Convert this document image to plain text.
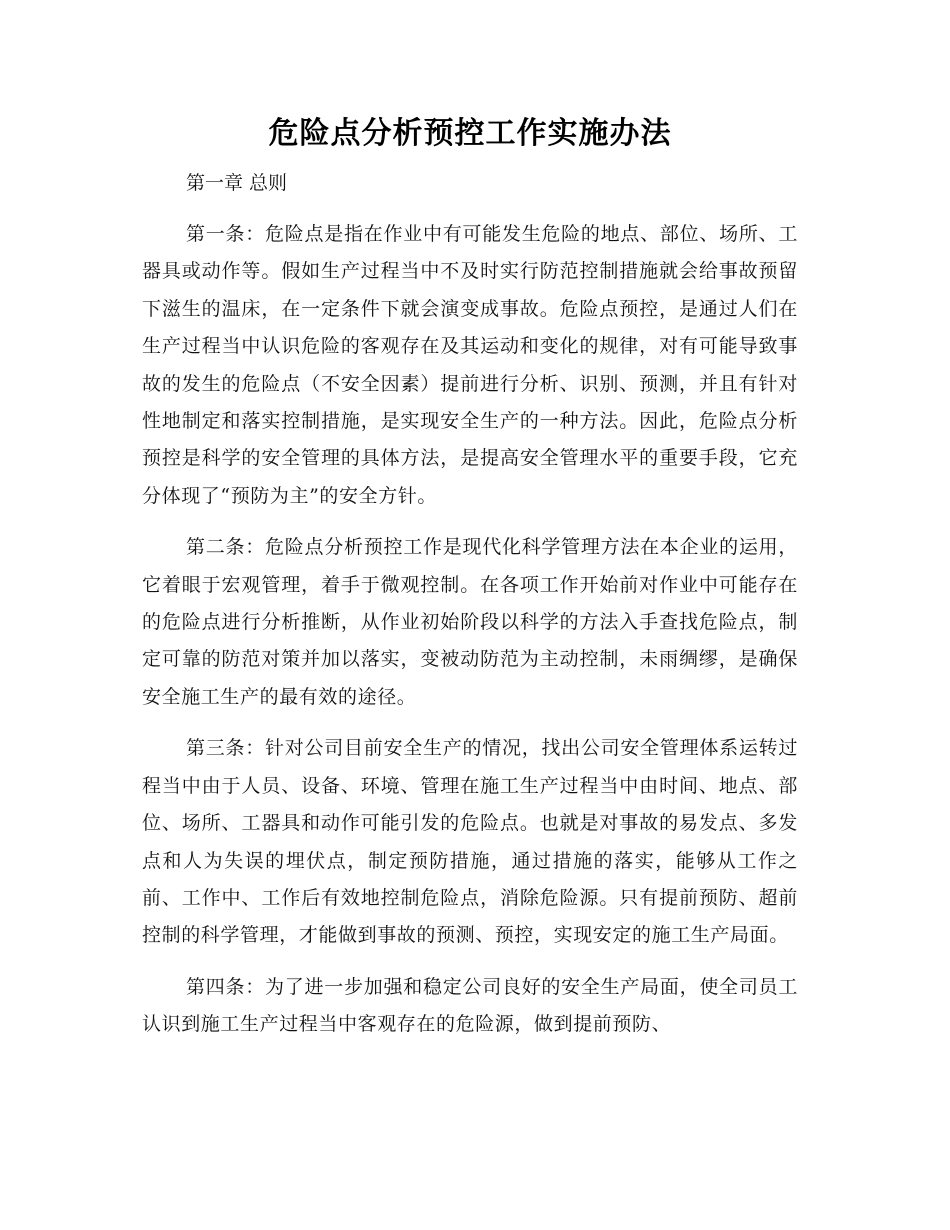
危险点分析预控工作实施办法

第一章 总则

第一条：危险点是指在作业中有可能发生危险的地点、部位、场所、工器具或动作等。假如生产过程当中不及时实行防范控制措施就会给事故预留下滋生的温床，在一定条件下就会演变成事故。危险点预控，是通过人们在生产过程当中认识危险的客观存在及其运动和变化的规律，对有可能导致事故的发生的危险点（不安全因素）提前进行分析、识别、预测，并且有针对性地制定和落实控制措施，是实现安全生产的一种方法。因此，危险点分析预控是科学的安全管理的具体方法，是提高安全管理水平的重要手段，它充分体现了“预防为主”的安全方针。

第二条：危险点分析预控工作是现代化科学管理方法在本企业的运用，它着眼于宏观管理，着手于微观控制。在各项工作开始前对作业中可能存在的危险点进行分析推断，从作业初始阶段以科学的方法入手查找危险点，制定可靠的防范对策并加以落实，变被动防范为主动控制，未雨绸缪，是确保安全施工生产的最有效的途径。

第三条：针对公司目前安全生产的情况，找出公司安全管理体系运转过程当中由于人员、设备、环境、管理在施工生产过程当中由时间、地点、部位、场所、工器具和动作可能引发的危险点。也就是对事故的易发点、多发点和人为失误的埋伏点，制定预防措施，通过措施的落实，能够从工作之前、工作中、工作后有效地控制危险点，消除危险源。只有提前预防、超前控制的科学管理，才能做到事故的预测、预控，实现安定的施工生产局面。

第四条：为了进一步加强和稳定公司良好的安全生产局面，使全司员工认识到施工生产过程当中客观存在的危险源，做到提前预防、
